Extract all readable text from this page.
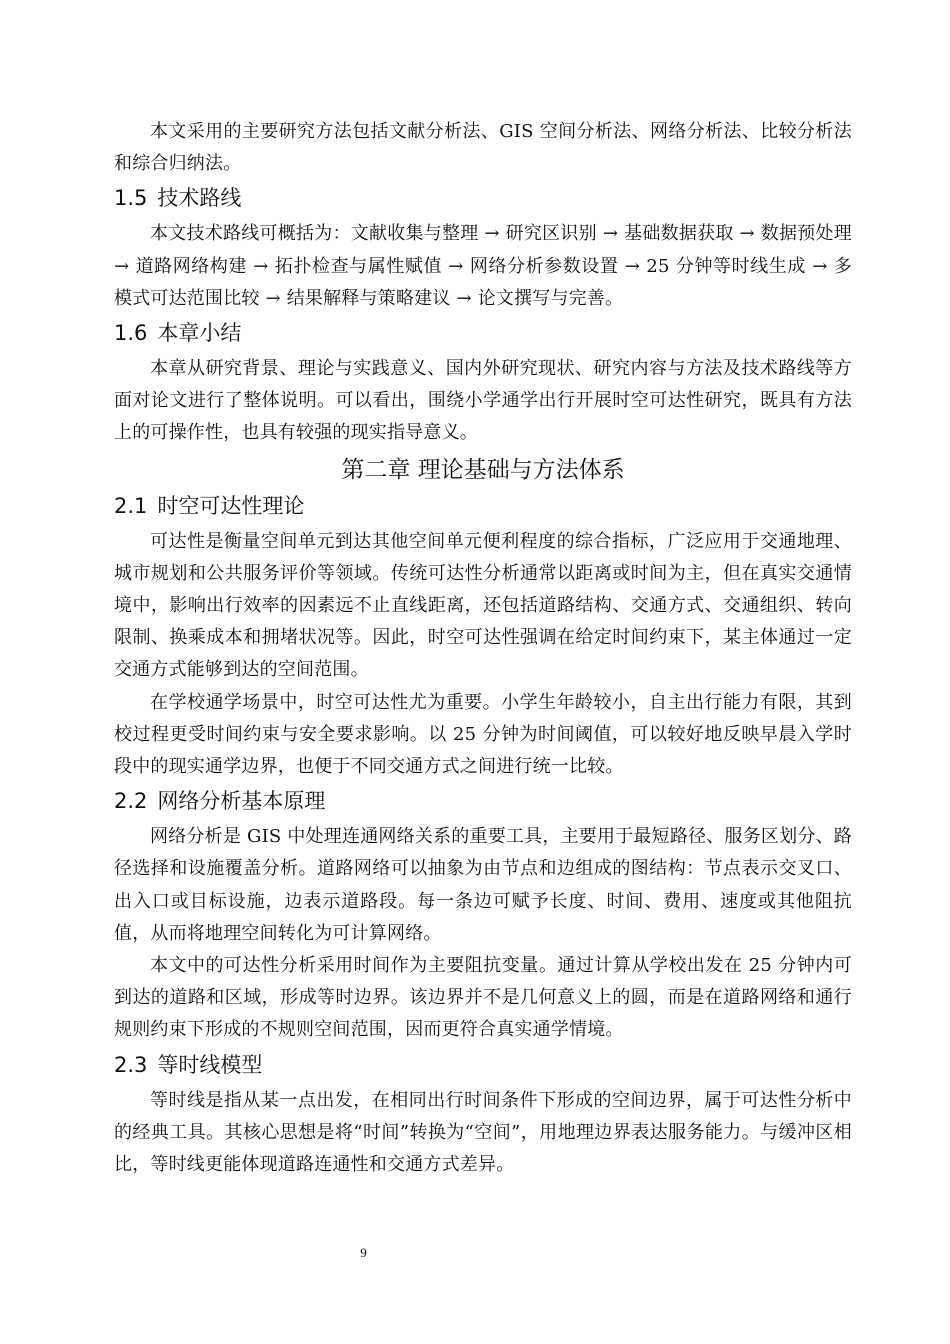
本文采用的主要研究方法包括文献分析法、GIS 空间分析法、网络分析法、比较分析法和综合归纳法。

1.5 技术路线

本文技术路线可概括为：文献收集与整理 → 研究区识别 → 基础数据获取 → 数据预处理 → 道路网络构建 → 拓扑检查与属性赋值 → 网络分析参数设置 → 25 分钟等时线生成 → 多模式可达范围比较 → 结果解释与策略建议 → 论文撰写与完善。

1.6 本章小结

本章从研究背景、理论与实践意义、国内外研究现状、研究内容与方法及技术路线等方面对论文进行了整体说明。可以看出，围绕小学通学出行开展时空可达性研究，既具有方法上的可操作性，也具有较强的现实指导意义。

第二章 理论基础与方法体系
2.1 时空可达性理论

可达性是衡量空间单元到达其他空间单元便利程度的综合指标，广泛应用于交通地理、城市规划和公共服务评价等领域。传统可达性分析通常以距离或时间为主，但在真实交通情境中，影响出行效率的因素远不止直线距离，还包括道路结构、交通方式、交通组织、转向限制、换乘成本和拥堵状况等。因此，时空可达性强调在给定时间约束下，某主体通过一定交通方式能够到达的空间范围。

在学校通学场景中，时空可达性尤为重要。小学生年龄较小，自主出行能力有限，其到校过程更受时间约束与安全要求影响。以 25 分钟为时间阈值，可以较好地反映早晨入学时段中的现实通学边界，也便于不同交通方式之间进行统一比较。

2.2 网络分析基本原理

网络分析是 GIS 中处理连通网络关系的重要工具，主要用于最短路径、服务区划分、路径选择和设施覆盖分析。道路网络可以抽象为由节点和边组成的图结构：节点表示交叉口、出入口或目标设施，边表示道路段。每一条边可赋予长度、时间、费用、速度或其他阻抗值，从而将地理空间转化为可计算网络。

本文中的可达性分析采用时间作为主要阻抗变量。通过计算从学校出发在 25 分钟内可到达的道路和区域，形成等时边界。该边界并不是几何意义上的圆，而是在道路网络和通行规则约束下形成的不规则空间范围，因而更符合真实通学情境。

2.3 等时线模型

等时线是指从某一点出发，在相同出行时间条件下形成的空间边界，属于可达性分析中的经典工具。其核心思想是将“时间”转换为“空间”，用地理边界表达服务能力。与缓冲区相比，等时线更能体现道路连通性和交通方式差异。

9
